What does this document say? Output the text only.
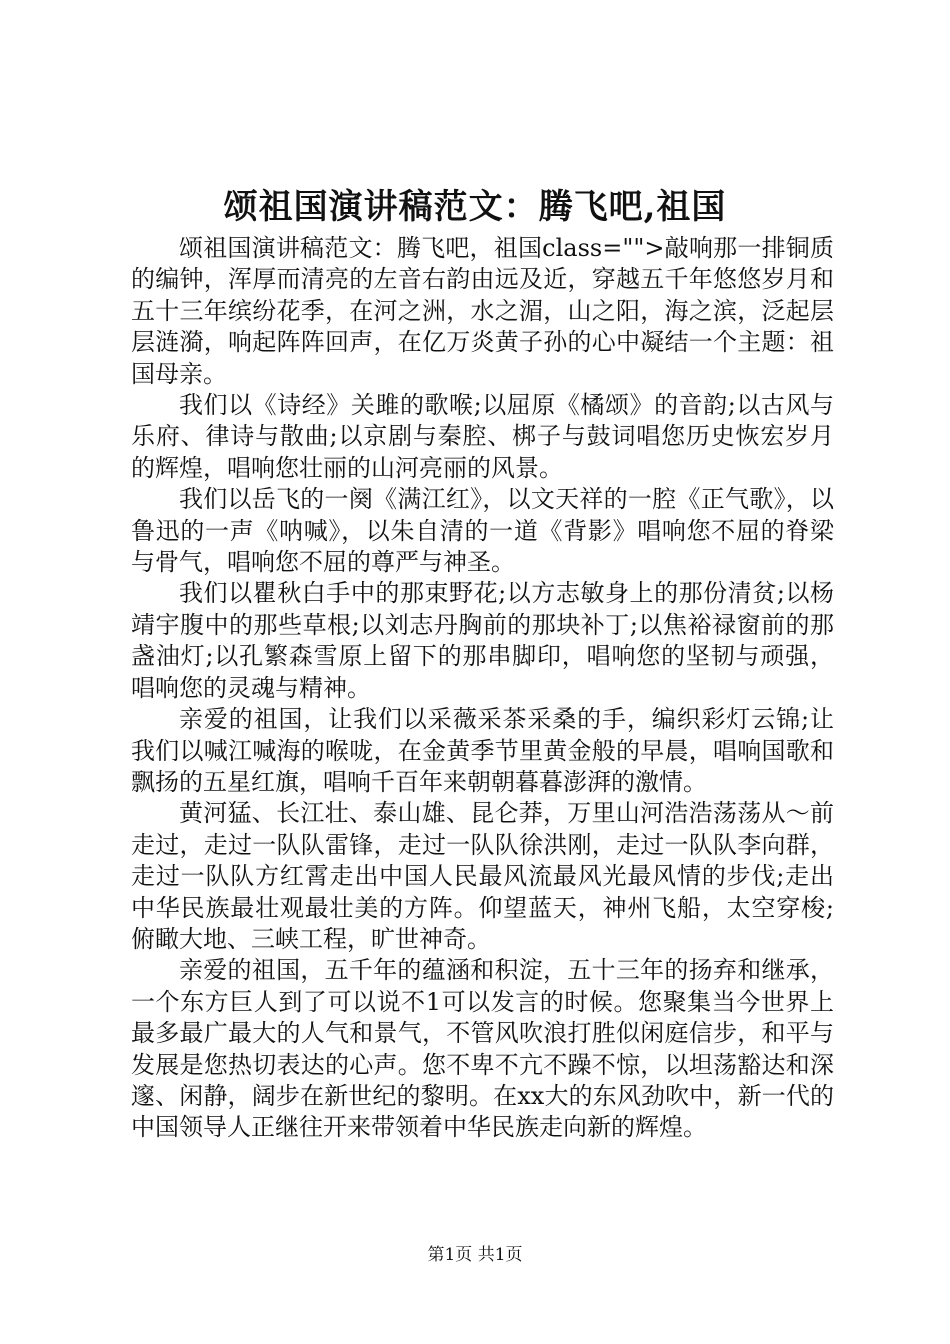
颂祖国演讲稿范文：腾飞吧,祖国

颂祖国演讲稿范文：腾飞吧，祖国class="">敲响那一排铜质的编钟，浑厚而清亮的左音右韵由远及近，穿越五千年悠悠岁月和五十三年缤纷花季，在河之洲，水之湄，山之阳，海之滨，泛起层层涟漪，响起阵阵回声，在亿万炎黄子孙的心中凝结一个主题：祖国母亲。

我们以《诗经》关雎的歌喉;以屈原《橘颂》的音韵;以古风与乐府、律诗与散曲;以京剧与秦腔、梆子与鼓词唱您历史恢宏岁月的辉煌，唱响您壮丽的山河亮丽的风景。

我们以岳飞的一阕《满江红》，以文天祥的一腔《正气歌》，以鲁迅的一声《呐喊》，以朱自清的一道《背影》唱响您不屈的脊梁与骨气，唱响您不屈的尊严与神圣。

我们以瞿秋白手中的那束野花;以方志敏身上的那份清贫;以杨靖宇腹中的那些草根;以刘志丹胸前的那块补丁;以焦裕禄窗前的那盏油灯;以孔繁森雪原上留下的那串脚印，唱响您的坚韧与顽强，唱响您的灵魂与精神。

亲爱的祖国，让我们以采薇采茶采桑的手，编织彩灯云锦;让我们以喊江喊海的喉咙，在金黄季节里黄金般的早晨，唱响国歌和飘扬的五星红旗，唱响千百年来朝朝暮暮澎湃的激情。

黄河猛、长江壮、泰山雄、昆仑莽，万里山河浩浩荡荡从～前走过，走过一队队雷锋，走过一队队徐洪刚，走过一队队李向群，走过一队队方红霄走出中国人民最风流最风光最风情的步伐;走出中华民族最壮观最壮美的方阵。仰望蓝天，神州飞船，太空穿梭;俯瞰大地、三峡工程，旷世神奇。

亲爱的祖国，五千年的蕴涵和积淀，五十三年的扬弃和继承，一个东方巨人到了可以说不1可以发言的时候。您聚集当今世界上最多最广最大的人气和景气，不管风吹浪打胜似闲庭信步，和平与发展是您热切表达的心声。您不卑不亢不躁不惊，以坦荡豁达和深邃、闲静，阔步在新世纪的黎明。在xx大的东风劲吹中，新一代的中国领导人正继往开来带领着中华民族走向新的辉煌。

第1页 共1页
